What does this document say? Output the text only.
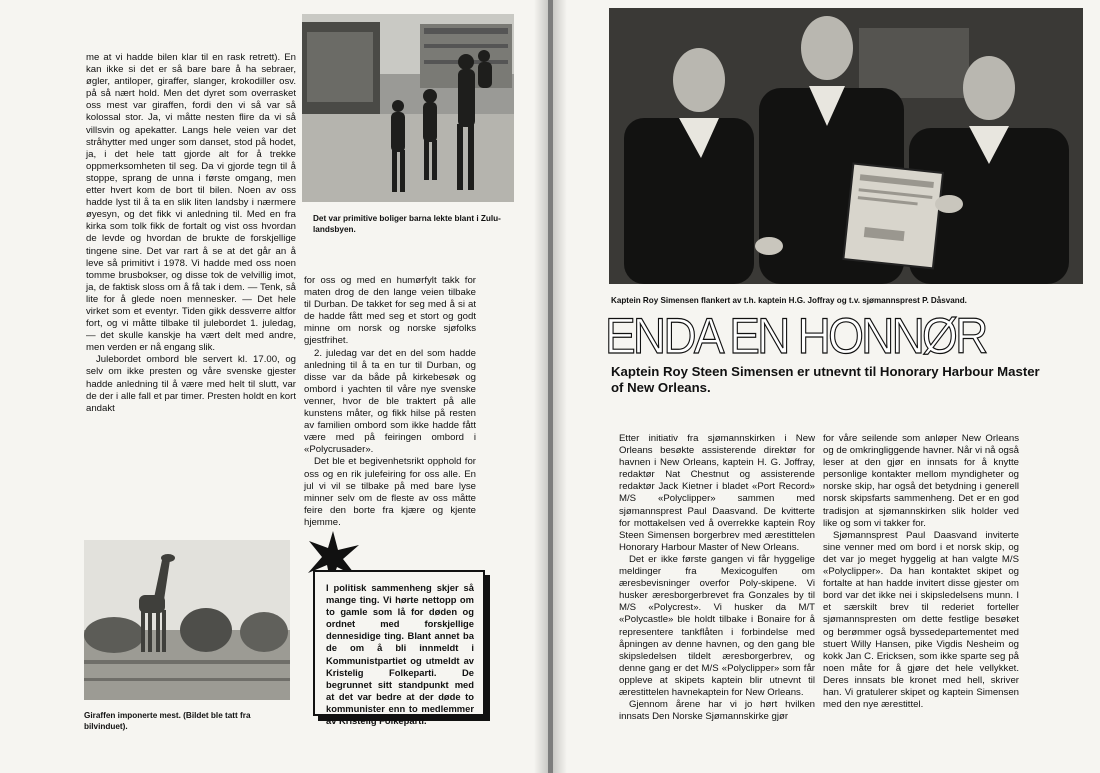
me at vi hadde bilen klar til en rask retrett). En kan ikke si det er så bare bare å ha sebraer, øgler, antiloper, giraffer, slanger, krokodiller osv. på så nært hold. Men det dyret som overrasket oss mest var giraffen, fordi den vi så var så kolossal stor. Ja, vi måtte nesten flire da vi så villsvin og apekatter. Langs hele veien var det stråhytter med unger som danset, stod på hodet, ja, i det hele tatt gjorde alt for å trekke oppmerksomheten til seg. Da vi gjorde tegn til å stoppe, sprang de unna i første omgang, men etter hvert kom de bort til bilen. Noen av oss hadde lyst til å ta en slik liten landsby i nærmere øyesyn, og det fikk vi anledning til. Med en fra kirka som tolk fikk de fortalt og vist oss hvordan de levde og hvordan de brukte de forskjellige tingene sine. Det var rart å se at det går an å leve så primitivt i 1978. Vi hadde med oss noen tomme brusbokser, og disse tok de velvillig imot, ja, de faktisk sloss om å få tak i dem. — Tenk, så lite for å glede noen mennesker. — Det hele virket som et eventyr. Tiden gikk dessverre altfor fort, og vi måtte tilbake til julebordet 1. juledag, — det skulle kanskje ha vært delt med andre, men verden er nå engang slik.

Julebordet ombord ble servert kl. 17.00, og selv om ikke presten og våre svenske gjester hadde anledning til å være med helt til slutt, var de der i alle fall et par timer. Presten holdt en kort andakt

Det var primitive boliger barna lekte blant i Zulu-landsbyen.

for oss og med en humørfylt takk for maten drog de den lange veien tilbake til Durban. De takket for seg med å si at de hadde fått med seg et stort og godt minne om norsk og norske sjøfolks gjestfrihet.

2. juledag var det en del som hadde anledning til å ta en tur til Durban, og disse var da både på kirkebesøk og ombord i yachten til våre nye svenske venner, hvor de ble traktert på alle kunstens måter, og fikk hilse på resten av familien ombord som ikke hadde fått være med på feiringen ombord i «Polycrusader».

Det ble et begivenhetsrikt opphold for oss og en rik julefeiring for oss alle. En jul vi vil se tilbake på med bare lyse minner selv om de fleste av oss måtte feire den borte fra kjære og kjente hjemme.

Giraffen imponerte mest. (Bildet ble tatt fra bilvinduet).
I politisk sammenheng skjer så mange ting. Vi hørte nettopp om to gamle som lå for døden og ordnet med forskjellige dennesidige ting. Blant annet ba de om å bli innmeldt i Kommunistpartiet og utmeldt av Kristelig Folkeparti. De begrunnet sitt standpunkt med at det var bedre at der døde to kommunister enn to medlemmer av Kristelig Folkeparti.
Kaptein Roy Simensen flankert av t.h. kaptein H.G. Joffray og t.v. sjømannsprest P. Dåsvand.
ENDA EN HONNØR
Kaptein Roy Steen Simensen er utnevnt til Honorary Harbour Master of New Orleans.

Etter initiativ fra sjømannskirken i New Orleans besøkte assisterende direktør for havnen i New Orleans, kaptein H. G. Joffray, redaktør Nat Chestnut og assisterende redaktør Jack Kietner i bladet «Port Record» M/S «Polyclipper» sammen med sjømannsprest Paul Daasvand. De kvitterte for mottakelsen ved å overrekke kaptein Roy Steen Simensen borgerbrev med ærestittelen Honorary Harbour Master of New Orleans.

Det er ikke første gangen vi får hyggelige meldinger fra Mexicogulfen om æresbevisninger overfor Poly-skipene. Vi husker æresborgerbrevet fra Gonzales by til M/S «Polycrest». Vi husker da M/T «Polycastle» ble holdt tilbake i Bonaire for å representere tankflåten i forbindelse med åpningen av denne havnen, og den gang ble skipsledelsen tildelt æresborgerbrev, og denne gang er det M/S «Polyclipper» som får oppleve at skipets kaptein blir utnevnt til ærestittelen havnekaptein for New Orleans.

Gjennom årene har vi jo hørt hvilken innsats Den Norske Sjømannskirke gjør

for våre seilende som anløper New Orleans og de omkringliggende havner. Når vi nå også leser at den gjør en innsats for å knytte personlige kontakter mellom myndigheter og norske skip, har også det betydning i generell norsk skipsfarts sammenheng. Det er en god tradisjon at sjømannskirken slik holder ved like og som vi takker for.

Sjømannsprest Paul Daasvand inviterte sine venner med om bord i et norsk skip, og det var jo meget hyggelig at han valgte M/S «Polyclipper». Da han kontaktet skipet og fortalte at han hadde invitert disse gjester om bord var det ikke nei i skipsledelsens munn. I et særskilt brev til rederiet forteller sjømannspresten om dette festlige besøket og berømmer også byssedepartementet med stuert Willy Hansen, pike Vigdis Nesheim og kokk Jan C. Ericksen, som ikke sparte seg på noen måte for å gjøre det hele vellykket. Deres innsats ble kronet med hell, skriver han. Vi gratulerer skipet og kaptein Simensen med den nye ærestittel.
